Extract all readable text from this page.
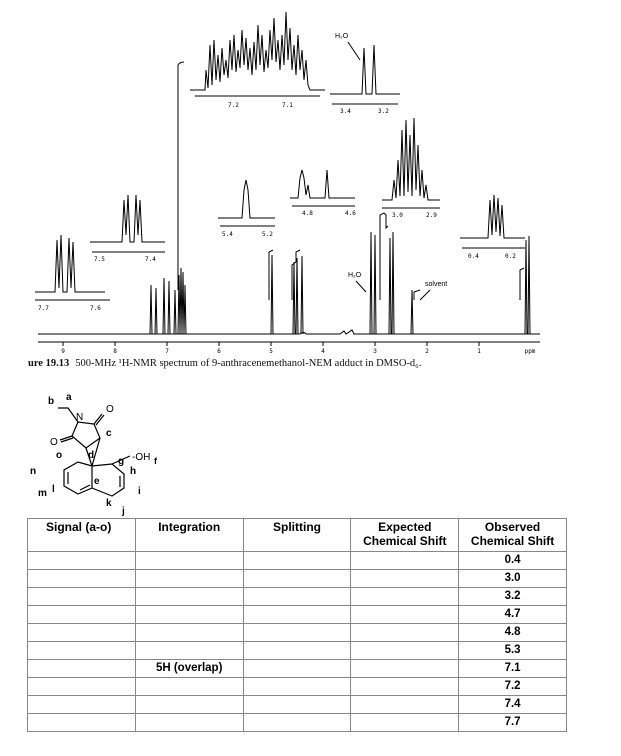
9	8	7	6	5	4	3	2	1	ppm
7.2	7.1
H₂O
3.4	3.2
7.5	7.4
7.7	7.6
5.4	5.2
4.8	4.6	3.0	2.9
0.4	0.2
H₂O
solvent
ure 19.13 500-MHz ¹H-NMR spectrum of 9-anthracenemethanol-NEM adduct in DMSO-d₆.
b a
N
O
O
c
d
o
g -OH f
h
n
e
i
m l
k
j
Signal (a-o)	Integration	Splitting	Expected Chemical Shift	Observed Chemical Shift
				0.4
				3.0
				3.2
				4.7
				4.8
				5.3
	5H (overlap)			7.1
				7.2
				7.4
				7.7
